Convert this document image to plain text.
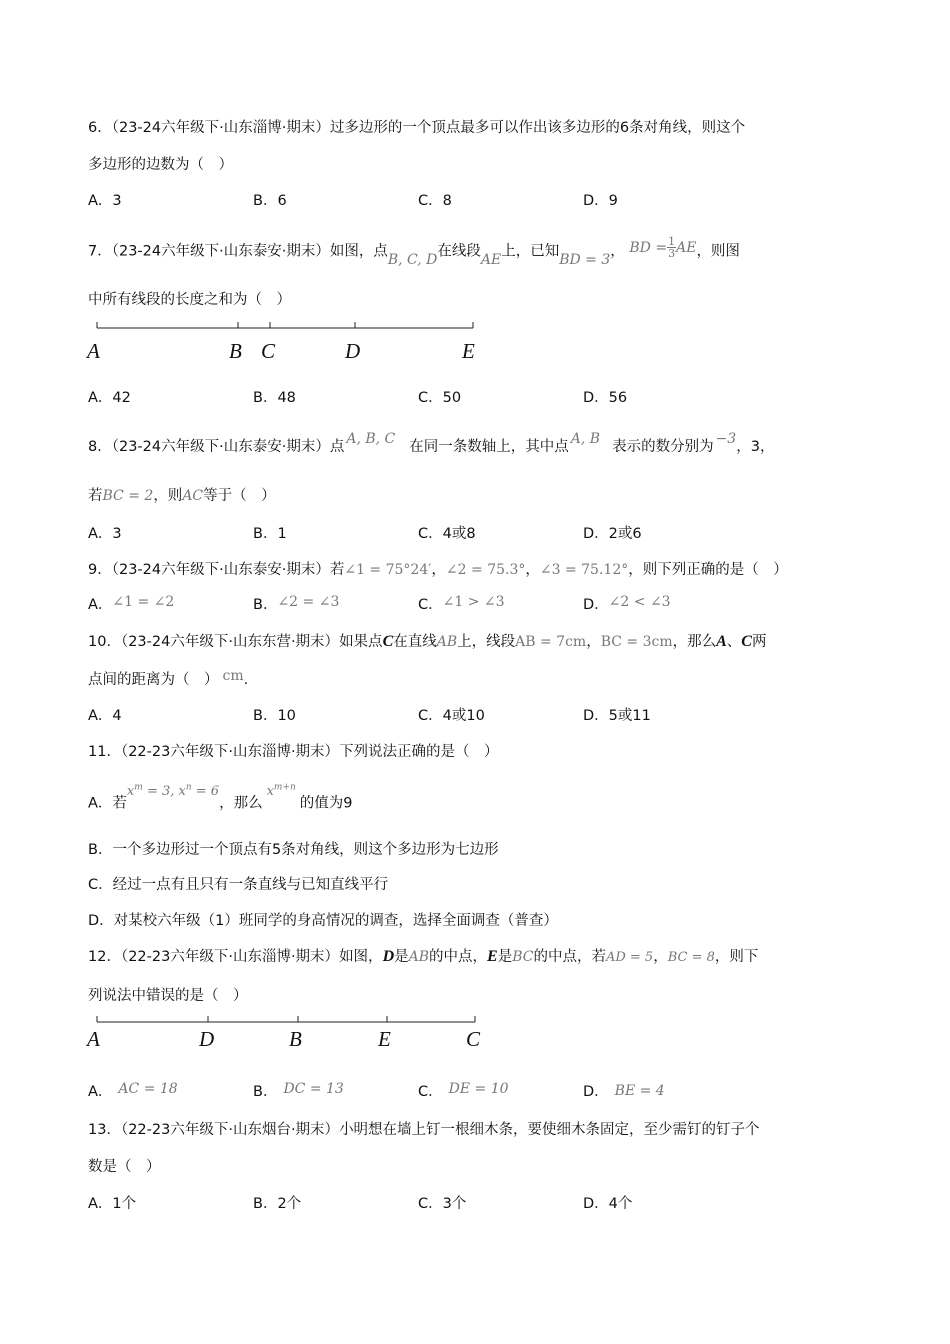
6．（23-24六年级下·山东淄博·期末）过多边形的一个顶点最多可以作出该多边形的6条对角线，则这个
多边形的边数为（　）
A．3	B．6	C．8	D．9
7．（23-24六年级下·山东泰安·期末）如图，点B, C, D在线段AE上，已知BD = 3， BD = $\frac{1}{3}$ AE，则图
中所有线段的长度之和为（　）
A	B C	D	E
A．42	B．48	C．50	D．56
8．（23-24六年级下·山东泰安·期末）点 A, B, C 在同一条数轴上，其中点 A, B 表示的数分别为 −3，3，
若BC = 2，则AC等于（　）
A．3	B．1	C．4或8	D．2或6
9．（23-24六年级下·山东泰安·期末）若∠1 = 75°24′，∠2 = 75.3°，∠3 = 75.12°，则下列正确的是（　）
A．∠1 = ∠2	B．∠2 = ∠3	C．∠1 > ∠3	D．∠2 < ∠3
10．（23-24六年级下·山东东营·期末）如果点C在直线AB上，线段AB = 7cm，BC = 3cm，那么A、C两
点间的距离为（　） cm.
A．4	B．10	C．4或10	D．5或11
11．（22-23六年级下·山东淄博·期末）下列说法正确的是（　）
A．若$x^m = 3$, $x^n = 6$，那么$x^{m+n}$的值为9
B．一个多边形过一个顶点有5条对角线，则这个多边形为七边形
C．经过一点有且只有一条直线与已知直线平行
D．对某校六年级（1）班同学的身高情况的调查，选择全面调查（普查）
12．（22-23六年级下·山东淄博·期末）如图，D是AB的中点，E是BC的中点，若AD = 5，BC = 8，则下
列说法中错误的是（　）
A	D	B	E	C
A． AC = 18	B． DC = 13	C． DE = 10	D． BE = 4
13．（22-23六年级下·山东烟台·期末）小明想在墙上钉一根细木条，要使细木条固定，至少需钉的钉子个
数是（　）
A．1个	B．2个	C．3个	D．4个
